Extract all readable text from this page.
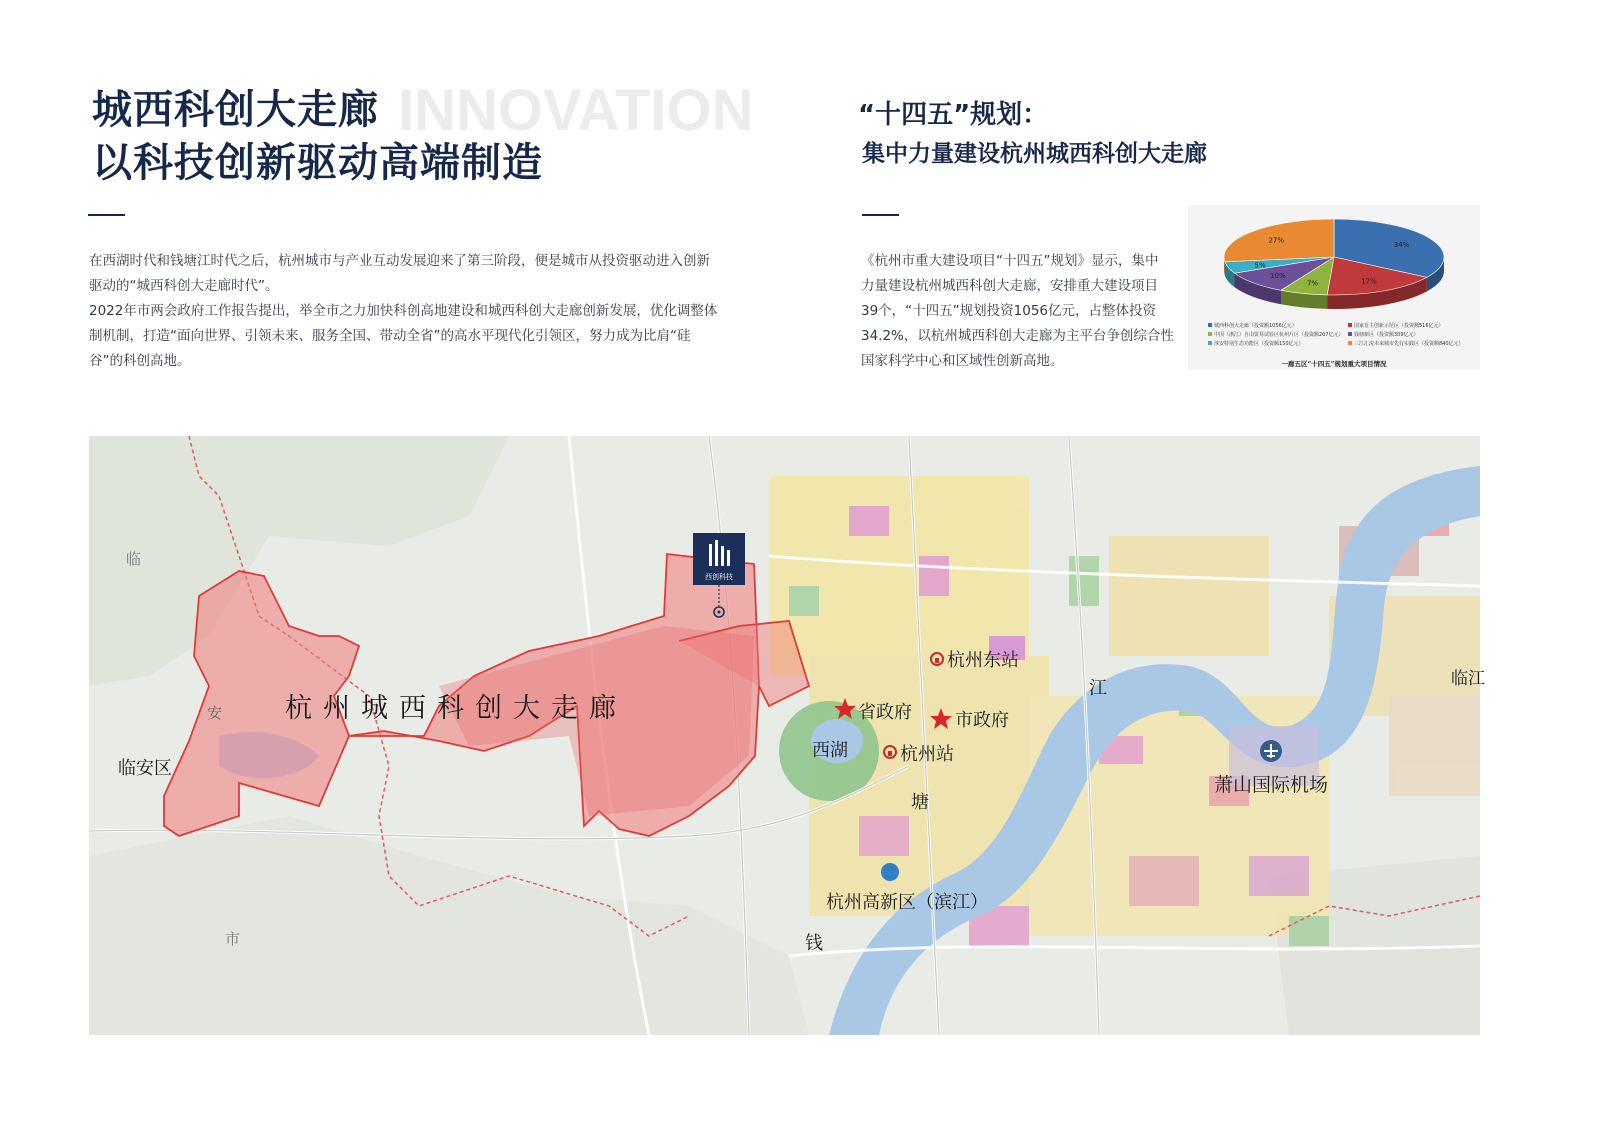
INNOVATION
城西科创大走廊
以科技创新驱动高端制造
在西湖时代和钱塘江时代之后，杭州城市与产业互动发展迎来了第三阶段，便是城市从投资驱动进入创新
驱动的“城西科创大走廊时代”。
2022年市两会政府工作报告提出，举全市之力加快科创高地建设和城西科创大走廊创新发展，优化调整体
制机制，打造“面向世界、引领未来、服务全国、带动全省”的高水平现代化引领区，努力成为比肩“硅
谷”的科创高地。
“十四五”规划：
集中力量建设杭州城西科创大走廊
《杭州市重大建设项目“十四五”规划》显示，集中
力量建设杭州城西科创大走廊，安排重大建设项目
39个，“十四五”规划投资1056亿元，占整体投资
34.2%，以杭州城西科创大走廊为主平台争创综合性
国家科学中心和区域性创新高地。
34%
17%
7%
10%
5%
27%
城西科创大走廊（投资额1056亿元）	国家自主创新示范区（投资额516亿元）
中国（浙江）自由贸易试验区杭州片区（投资额207亿元） 钱塘新区（投资额309亿元）
淳安特别生态功能区（投资额150亿元）	三江汇流未来城市先行实践区（投资额840亿元）
一廊五区“十四五”规划重大项目情况
杭州城西科创大走廊
西创科技
临安区
安
临
市
杭州东站
省政府 市政府
西湖	杭州站
江
塘
钱
临江
萧山国际机场
杭州高新区（滨江）
